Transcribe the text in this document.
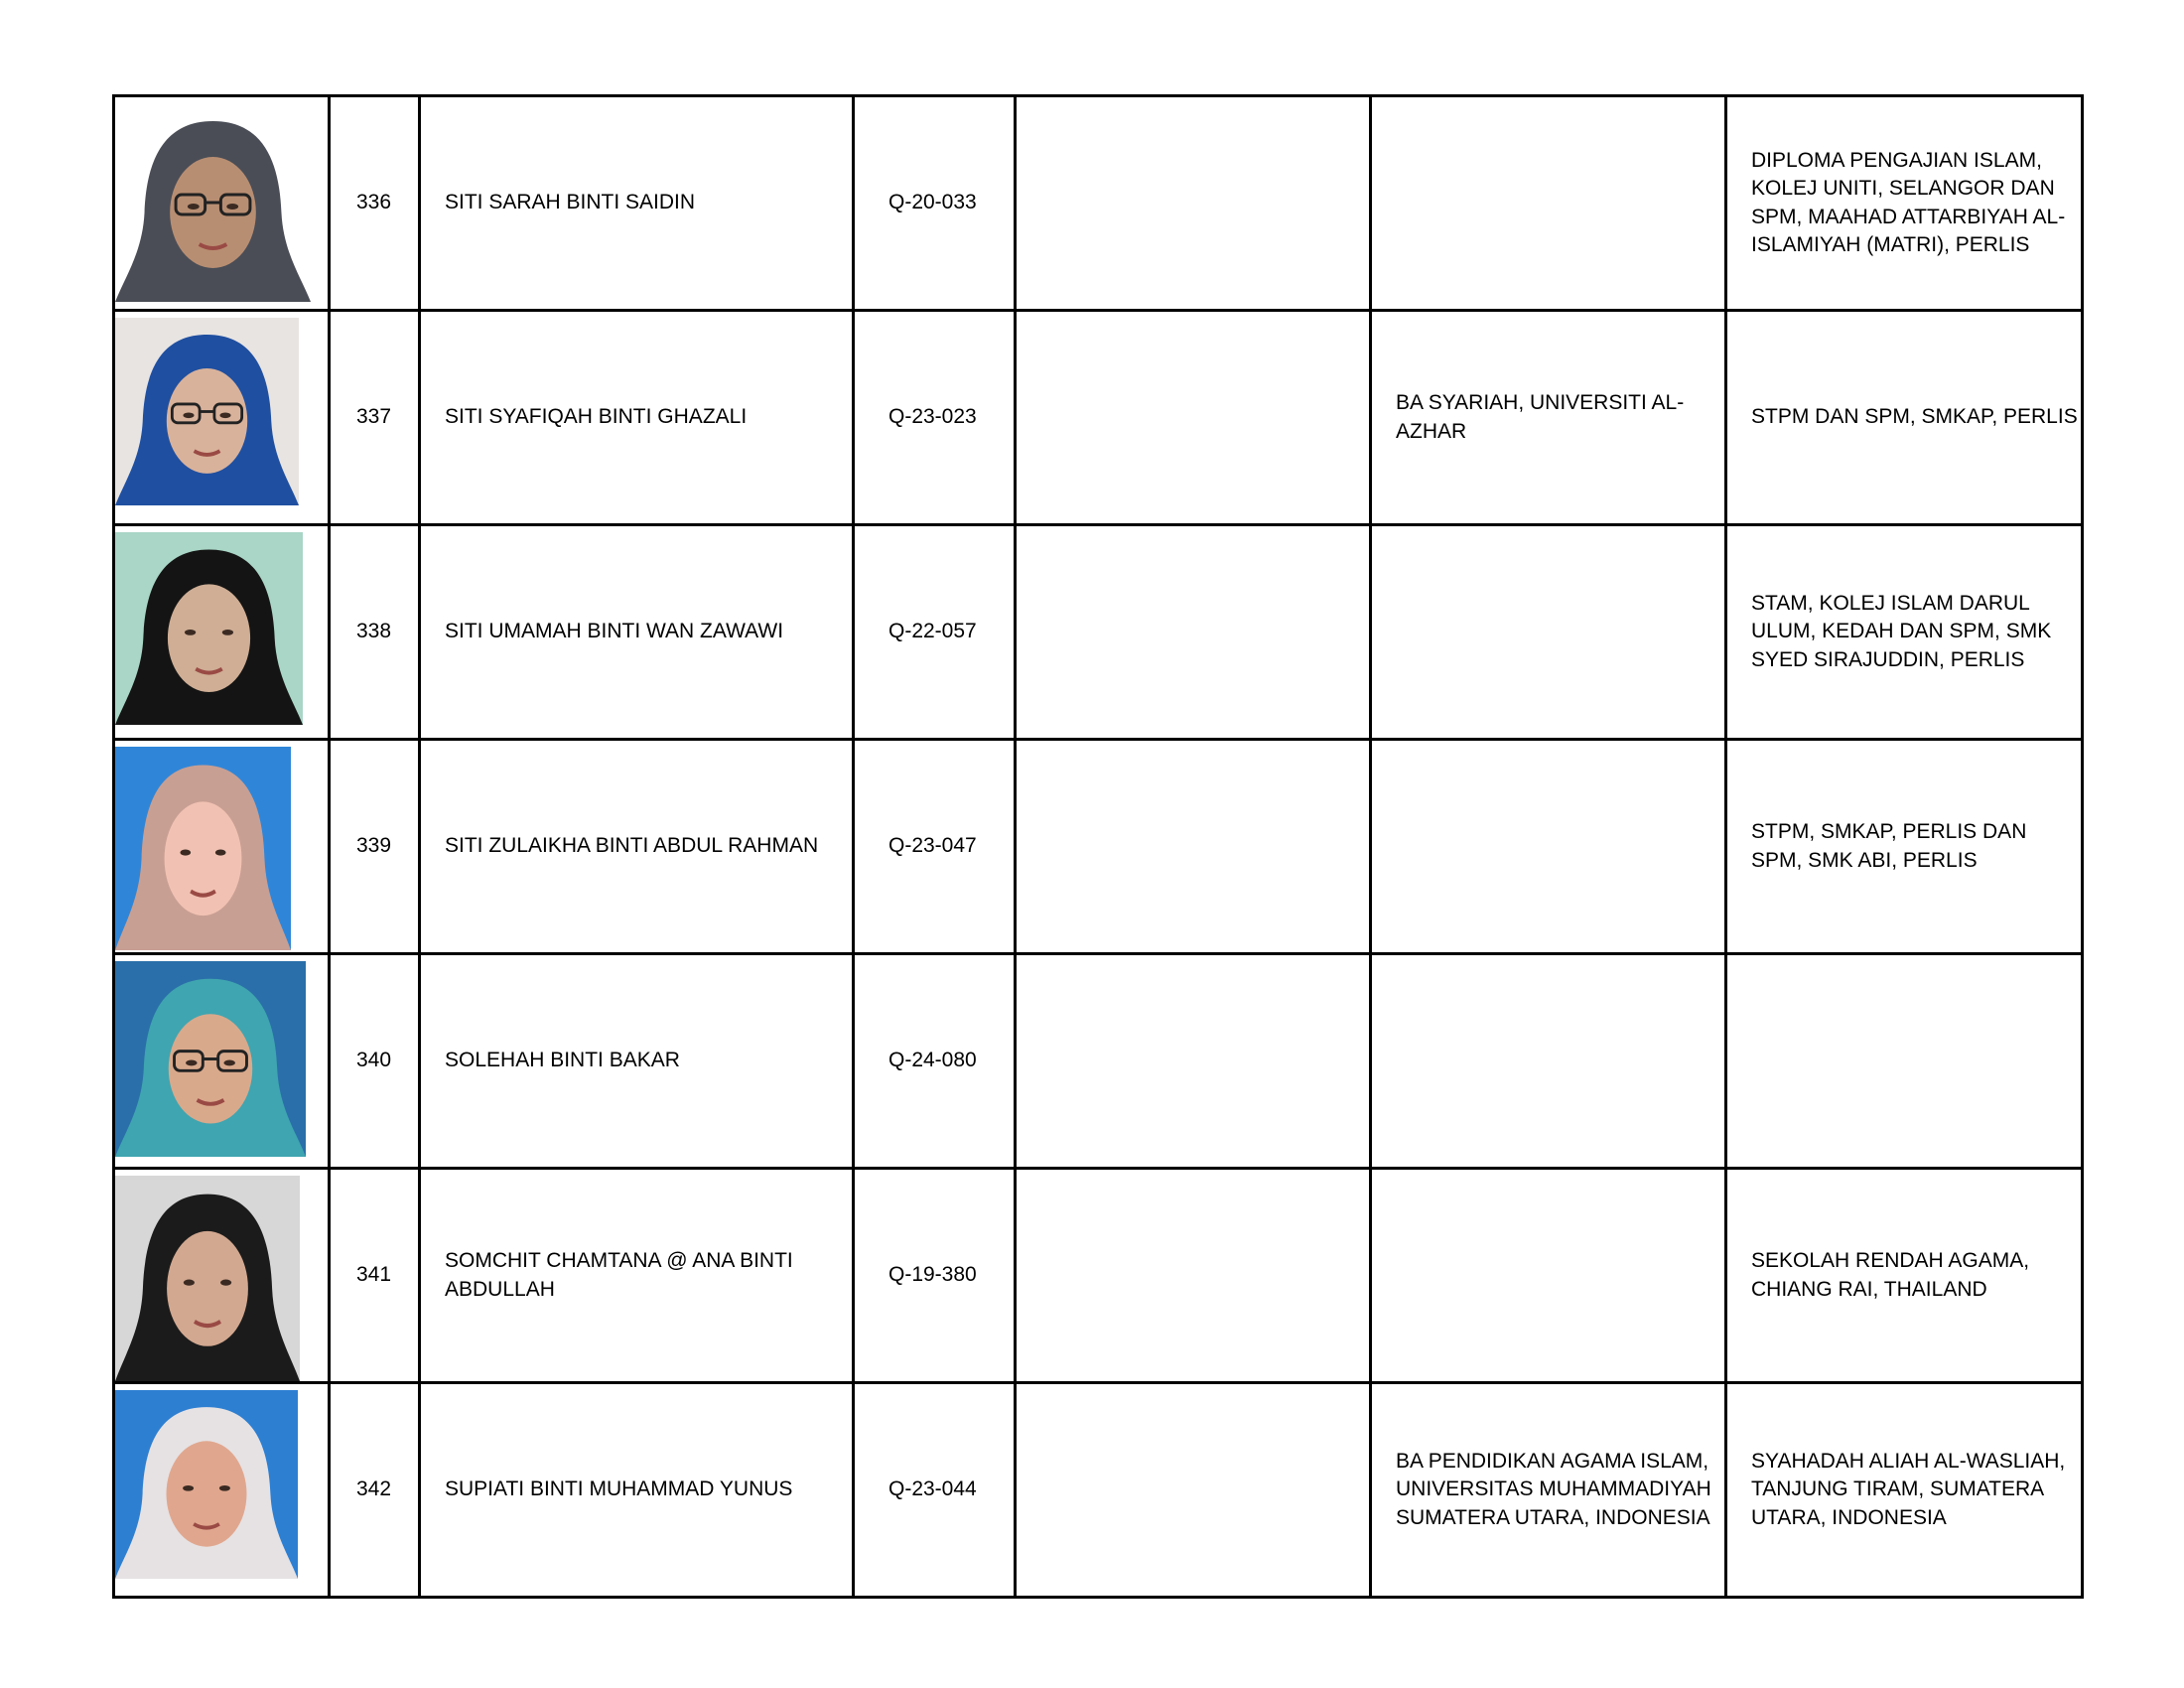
	336	SITI SARAH BINTI SAIDIN	Q-20-033			DIPLOMA PENGAJIAN ISLAM, KOLEJ UNITI, SELANGOR DAN SPM, MAAHAD ATTARBIYAH AL-ISLAMIYAH (MATRI), PERLIS

	337	SITI SYAFIQAH BINTI GHAZALI	Q-23-023		BA SYARIAH, UNIVERSITI AL-AZHAR	STPM DAN SPM, SMKAP, PERLIS

	338	SITI UMAMAH BINTI WAN ZAWAWI	Q-22-057			STAM, KOLEJ ISLAM DARUL ULUM, KEDAH DAN SPM, SMK SYED SIRAJUDDIN, PERLIS

	339	SITI ZULAIKHA BINTI ABDUL RAHMAN	Q-23-047			STPM, SMKAP, PERLIS DAN SPM, SMK ABI, PERLIS

	340	SOLEHAH BINTI BAKAR	Q-24-080			

	341	SOMCHIT CHAMTANA @ ANA BINTI ABDULLAH	Q-19-380			SEKOLAH RENDAH AGAMA, CHIANG RAI, THAILAND

	342	SUPIATI BINTI MUHAMMAD YUNUS	Q-23-044		BA PENDIDIKAN AGAMA ISLAM, UNIVERSITAS MUHAMMADIYAH SUMATERA UTARA, INDONESIA	SYAHADAH ALIAH AL-WASLIAH, TANJUNG TIRAM, SUMATERA UTARA, INDONESIA
